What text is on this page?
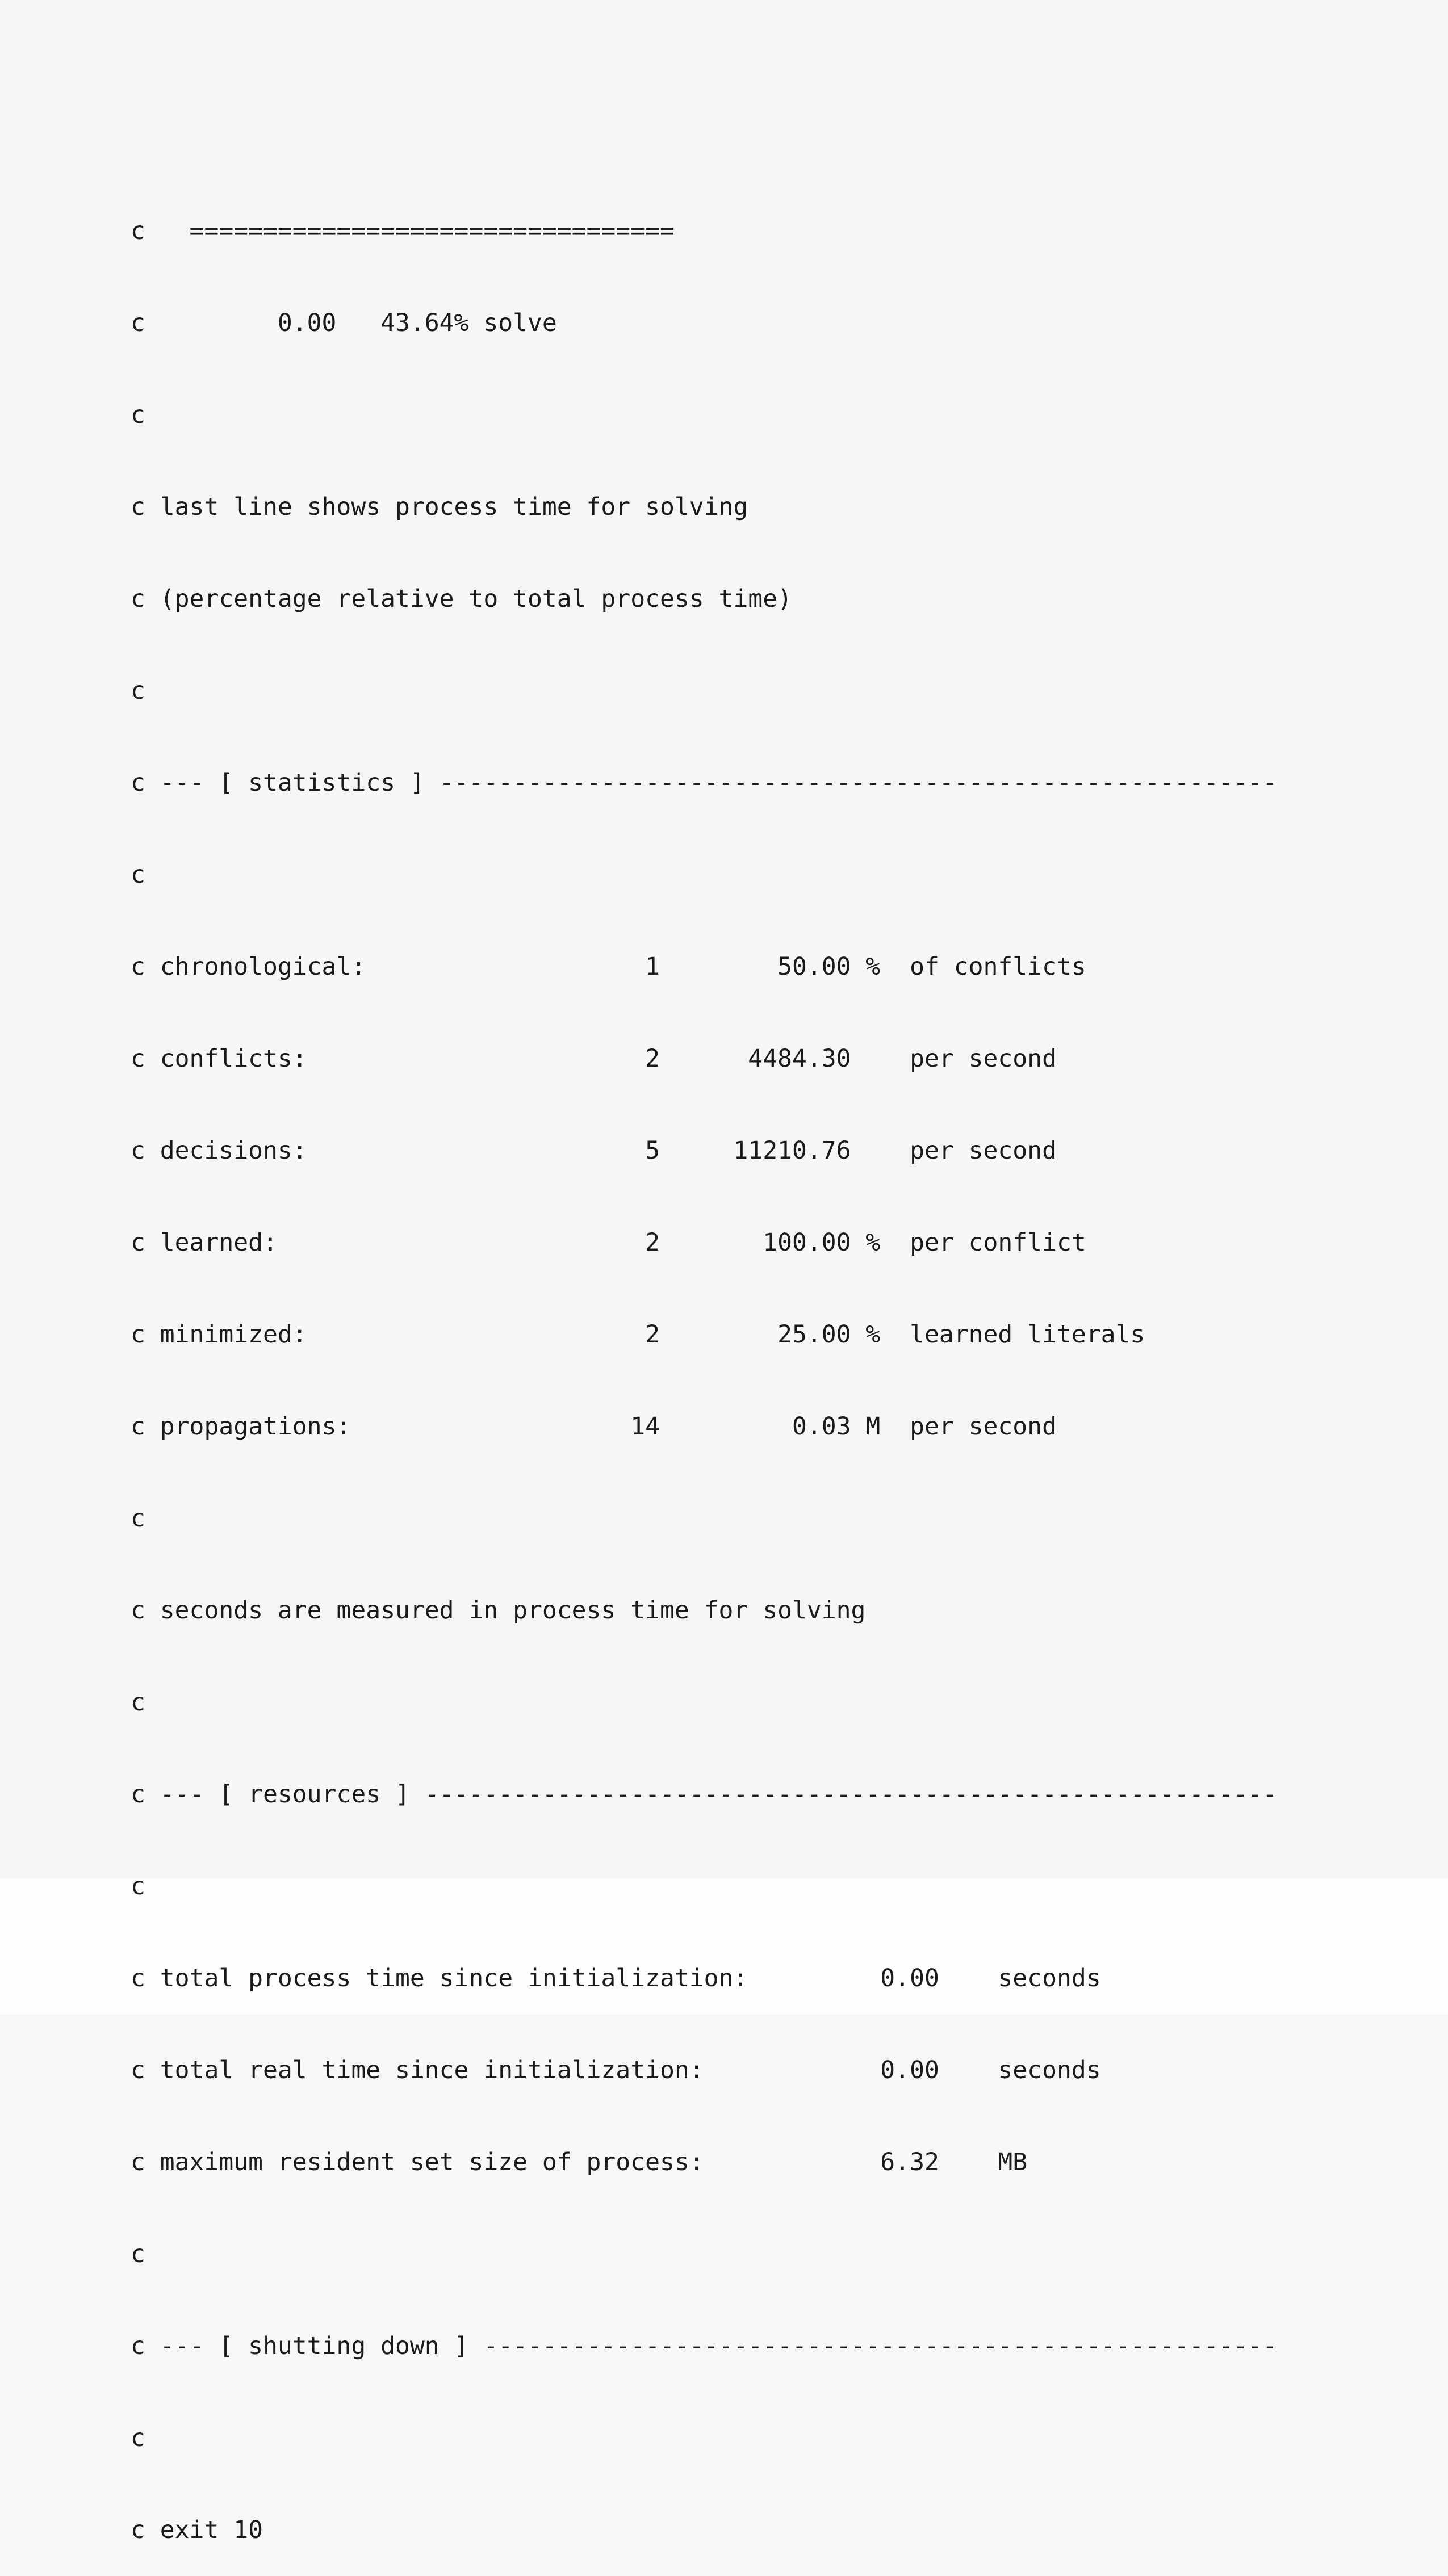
c   =================================

c         0.00   43.64% solve

c

c last line shows process time for solving

c (percentage relative to total process time)

c

c --- [ statistics ] ---------------------------------------------------------

c

c chronological:                   1        50.00 %  of conflicts

c conflicts:                       2      4484.30    per second

c decisions:                       5     11210.76    per second

c learned:                         2       100.00 %  per conflict

c minimized:                       2        25.00 %  learned literals

c propagations:                   14         0.03 M  per second

c

c seconds are measured in process time for solving

c

c --- [ resources ] ----------------------------------------------------------

c

c total process time since initialization:         0.00    seconds

c total real time since initialization:            0.00    seconds

c maximum resident set size of process:            6.32    MB

c

c --- [ shutting down ] ------------------------------------------------------

c

c exit 10
